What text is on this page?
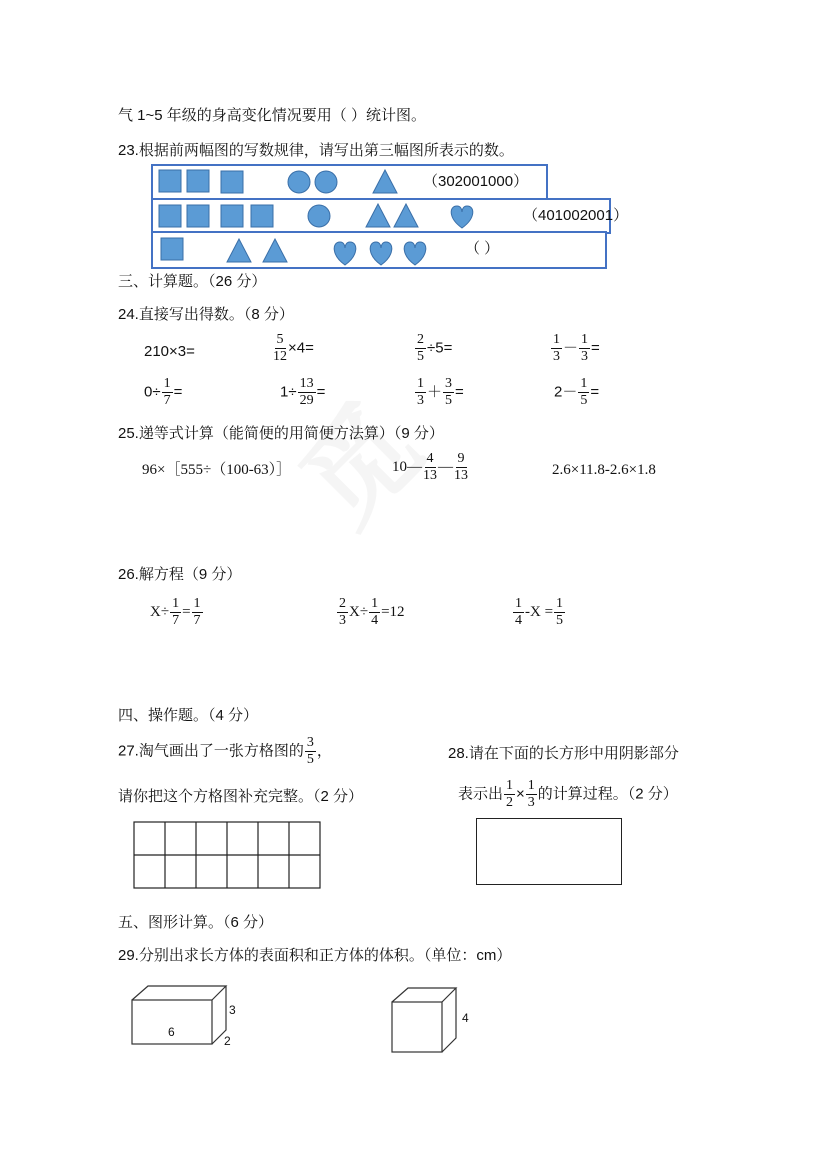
气 1~5 年级的身高变化情况要用（ ）统计图。
23.根据前两幅图的写数规律，请写出第三幅图所表示的数。
（302001000）
（401002001）
（ ）
三、计算题。（26 分）
24.直接写出得数。（8 分）
210×3=	$\frac{5}{12} \times 4=$	$\frac{2}{5} \div 5=$	$\frac{1}{3} - \frac{1}{3}$ =
$0\div \frac{1}{7}$ =	$1\div \frac{13}{29}$ =	$\frac{1}{3} + \frac{3}{5}$ =	$2- \frac{1}{5}$ =
25.递等式计算（能简便的用简便方法算）（9 分）
96×［555÷（100-63）］	10— $\frac{4}{13}$ — $\frac{9}{13}$	2.6×11.8-2.6×1.8
26.解方程（9 分）
$X\div \frac{1}{7} = \frac{1}{7}$	$\frac{2}{3} X\div \frac{1}{4} =12$	$\frac{1}{4} -X = \frac{1}{5}$
四、操作题。（4 分）
27.淘气画出了一张方格图的 $\frac{3}{5}$ ，
请你把这个方格图补充完整。（2 分）
28.请在下面的长方形中用阴影部分
表示出 $\frac{1}{2} \times \frac{1}{3}$ 的计算过程。（2 分）
五、图形计算。（6 分）
29.分别出求长方体的表面积和正方体的体积。（单位：cm）
6
3
2
4
